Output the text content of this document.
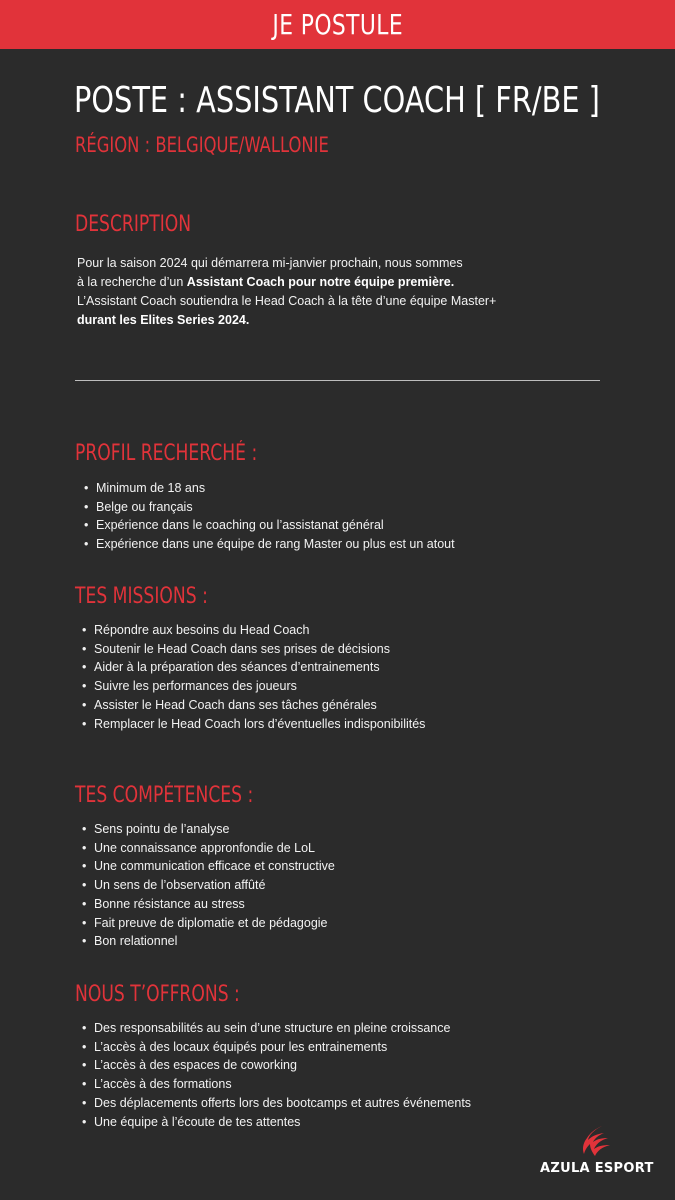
JE POSTULE
POSTE : ASSISTANT COACH [ FR/BE ]
RÉGION : BELGIQUE/WALLONIE
DESCRIPTION
Pour la saison 2024 qui démarrera mi-janvier prochain, nous sommes
à la recherche d’un Assistant Coach pour notre équipe première.
L’Assistant Coach soutiendra le Head Coach à la tête d’une équipe Master+
durant les Elites Series 2024.
PROFIL RECHERCHÉ :
• Minimum de 18 ans
• Belge ou français
• Expérience dans le coaching ou l’assistanat général
• Expérience dans une équipe de rang Master ou plus est un atout
TES MISSIONS :
• Répondre aux besoins du Head Coach
• Soutenir le Head Coach dans ses prises de décisions
• Aider à la préparation des séances d’entrainements
• Suivre les performances des joueurs
• Assister le Head Coach dans ses tâches générales
• Remplacer le Head Coach lors d’éventuelles indisponibilités
TES COMPÉTENCES :
• Sens pointu de l’analyse
• Une connaissance appronfondie de LoL
• Une communication efficace et constructive
• Un sens de l’observation affûté
• Bonne résistance au stress
• Fait preuve de diplomatie et de pédagogie
• Bon relationnel
NOUS T’OFFRONS :
• Des responsabilités au sein d’une structure en pleine croissance
• L’accès à des locaux équipés pour les entrainements
• L’accès à des espaces de coworking
• L’accès à des formations
• Des déplacements offerts lors des bootcamps et autres événements
• Une équipe à l’écoute de tes attentes
AZULA ESPORT
